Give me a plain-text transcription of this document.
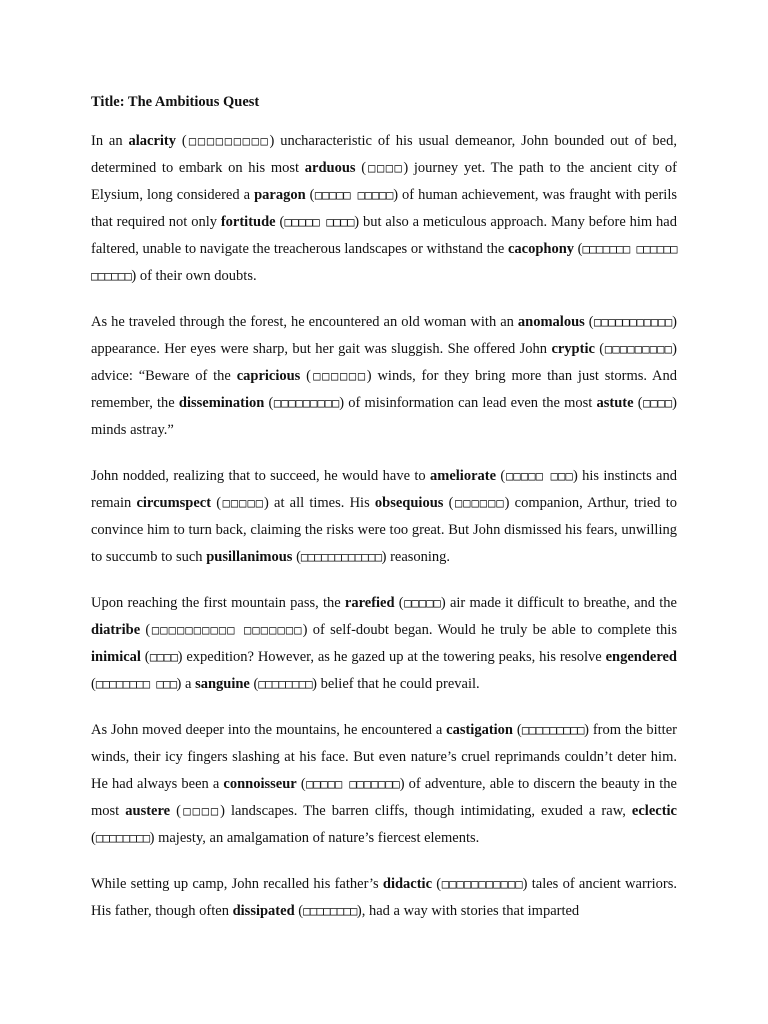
Title: The Ambitious Quest

In an alacrity (□□□□□□□□□) uncharacteristic of his usual demeanor, John bounded out of bed, determined to embark on his most arduous (□□□□) journey yet. The path to the ancient city of Elysium, long considered a paragon (□□□□□ □□□□□) of human achievement, was fraught with perils that required not only fortitude (□□□□□ □□□□) but also a meticulous approach. Many before him had faltered, unable to navigate the treacherous landscapes or withstand the cacophony (□□□□□□□ □□□□□□ □□□□□□) of their own doubts.

As he traveled through the forest, he encountered an old woman with an anomalous (□□□□□□□□□□□) appearance. Her eyes were sharp, but her gait was sluggish. She offered John cryptic (□□□□□□□□□) advice: “Beware of the capricious (□□□□□□) winds, for they bring more than just storms. And remember, the dissemination (□□□□□□□□□) of misinformation can lead even the most astute (□□□□) minds astray.”

John nodded, realizing that to succeed, he would have to ameliorate (□□□□□ □□□) his instincts and remain circumspect (□□□□□) at all times. His obsequious (□□□□□□) companion, Arthur, tried to convince him to turn back, claiming the risks were too great. But John dismissed his fears, unwilling to succumb to such pusillanimous (□□□□□□□□□□□□) reasoning.

Upon reaching the first mountain pass, the rarefied (□□□□□) air made it difficult to breathe, and the diatribe (□□□□□□□□□□ □□□□□□□) of self-doubt began. Would he truly be able to complete this inimical (□□□□) expedition? However, as he gazed up at the towering peaks, his resolve engendered (□□□□□□□□ □□□) a sanguine (□□□□□□□□) belief that he could prevail.

As John moved deeper into the mountains, he encountered a castigation (□□□□□□□□□) from the bitter winds, their icy fingers slashing at his face. But even nature’s cruel reprimands couldn’t deter him. He had always been a connoisseur (□□□□□ □□□□□□□) of adventure, able to discern the beauty in the most austere (□□□□) landscapes. The barren cliffs, though intimidating, exuded a raw, eclectic (□□□□□□□□) majesty, an amalgamation of nature’s fiercest elements.

While setting up camp, John recalled his father’s didactic (□□□□□□□□□□□) tales of ancient warriors. His father, though often dissipated (□□□□□□□□), had a way with stories that imparted
